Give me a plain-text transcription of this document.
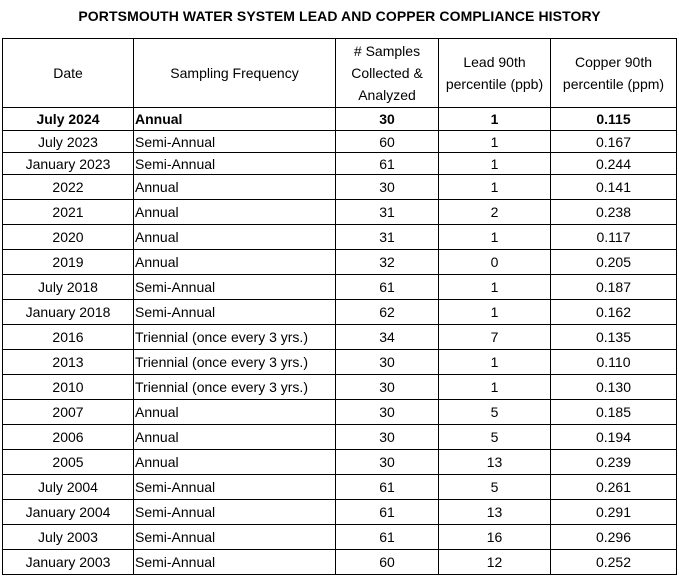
PORTSMOUTH WATER SYSTEM LEAD AND COPPER COMPLIANCE HISTORY
Date	Sampling Frequency	# Samples Collected & Analyzed	Lead 90th percentile (ppb)	Copper 90th percentile (ppm)
July 2024	Annual	30	1	0.115
July 2023	Semi-Annual	60	1	0.167
January 2023	Semi-Annual	61	1	0.244
2022	Annual	30	1	0.141
2021	Annual	31	2	0.238
2020	Annual	31	1	0.117
2019	Annual	32	0	0.205
July 2018	Semi-Annual	61	1	0.187
January 2018	Semi-Annual	62	1	0.162
2016	Triennial (once every 3 yrs.)	34	7	0.135
2013	Triennial (once every 3 yrs.)	30	1	0.110
2010	Triennial (once every 3 yrs.)	30	1	0.130
2007	Annual	30	5	0.185
2006	Annual	30	5	0.194
2005	Annual	30	13	0.239
July 2004	Semi-Annual	61	5	0.261
January 2004	Semi-Annual	61	13	0.291
July 2003	Semi-Annual	61	16	0.296
January 2003	Semi-Annual	60	12	0.252
